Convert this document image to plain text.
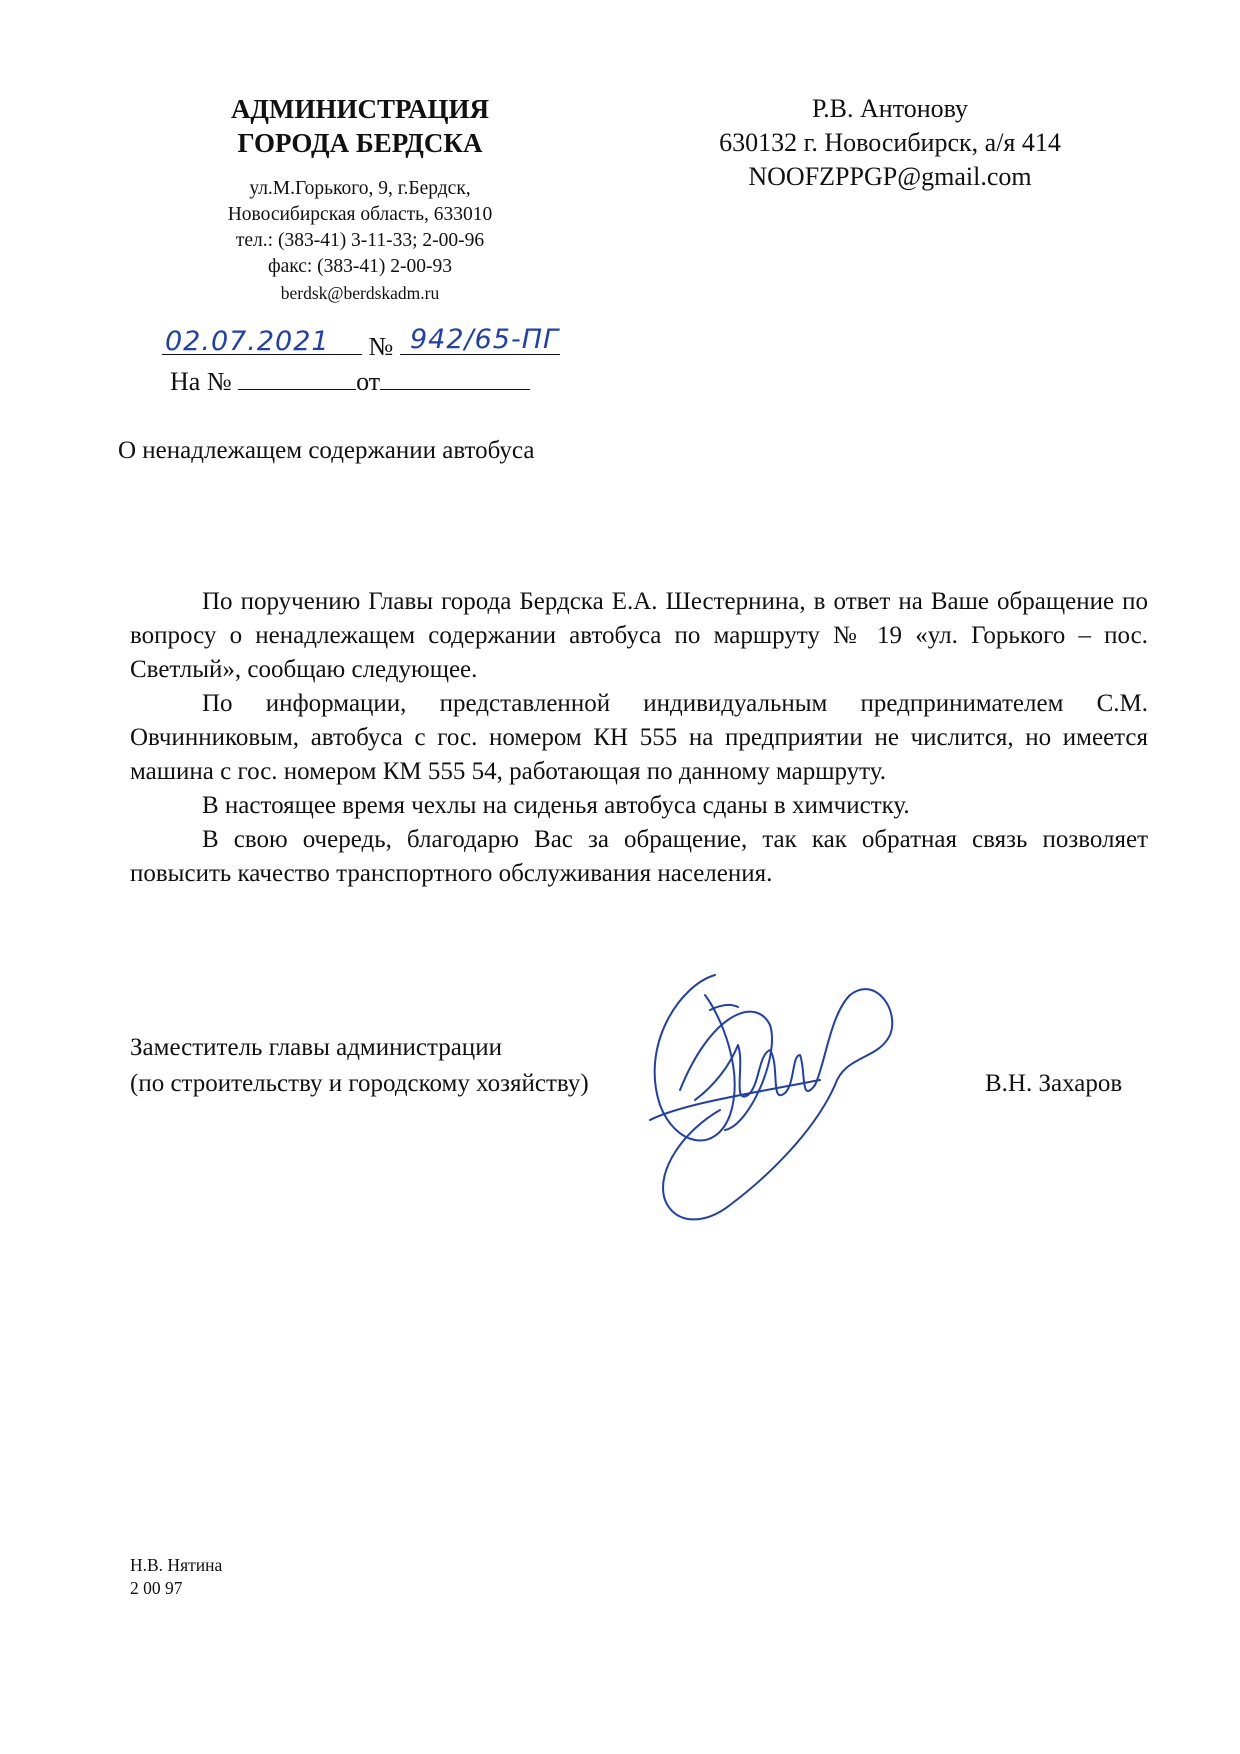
АДМИНИСТРАЦИЯ
ГОРОДА БЕРДСКА
ул.М.Горького, 9, г.Бердск,
Новосибирская область, 633010
тел.: (383-41) 3-11-33; 2-00-96
факс: (383-41) 2-00-93
berdsk@berdskadm.ru
Р.В. Антонову
630132 г. Новосибирск, а/я 414
NOOFZPPGP@gmail.com
№
02.07.2021	942/65-ПГ
На №	от
О ненадлежащем содержании автобуса

По поручению Главы города Бердска Е.А. Шестернина, в ответ на Ваше обращение по вопросу о ненадлежащем содержании автобуса по маршруту № 19 «ул. Горького – пос. Светлый», сообщаю следующее.

По информации, представленной индивидуальным предпринимателем С.М. Овчинниковым, автобуса с гос. номером КН 555 на предприятии не числится, но имеется машина с гос. номером КМ 555 54, работающая по данному маршруту.

В настоящее время чехлы на сиденья автобуса сданы в химчистку.

В свою очередь, благодарю Вас за обращение, так как обратная связь позволяет повысить качество транспортного обслуживания населения.

Заместитель главы администрации
(по строительству и городскому хозяйству)	В.Н. Захаров
Н.В. Нятина
2 00 97
